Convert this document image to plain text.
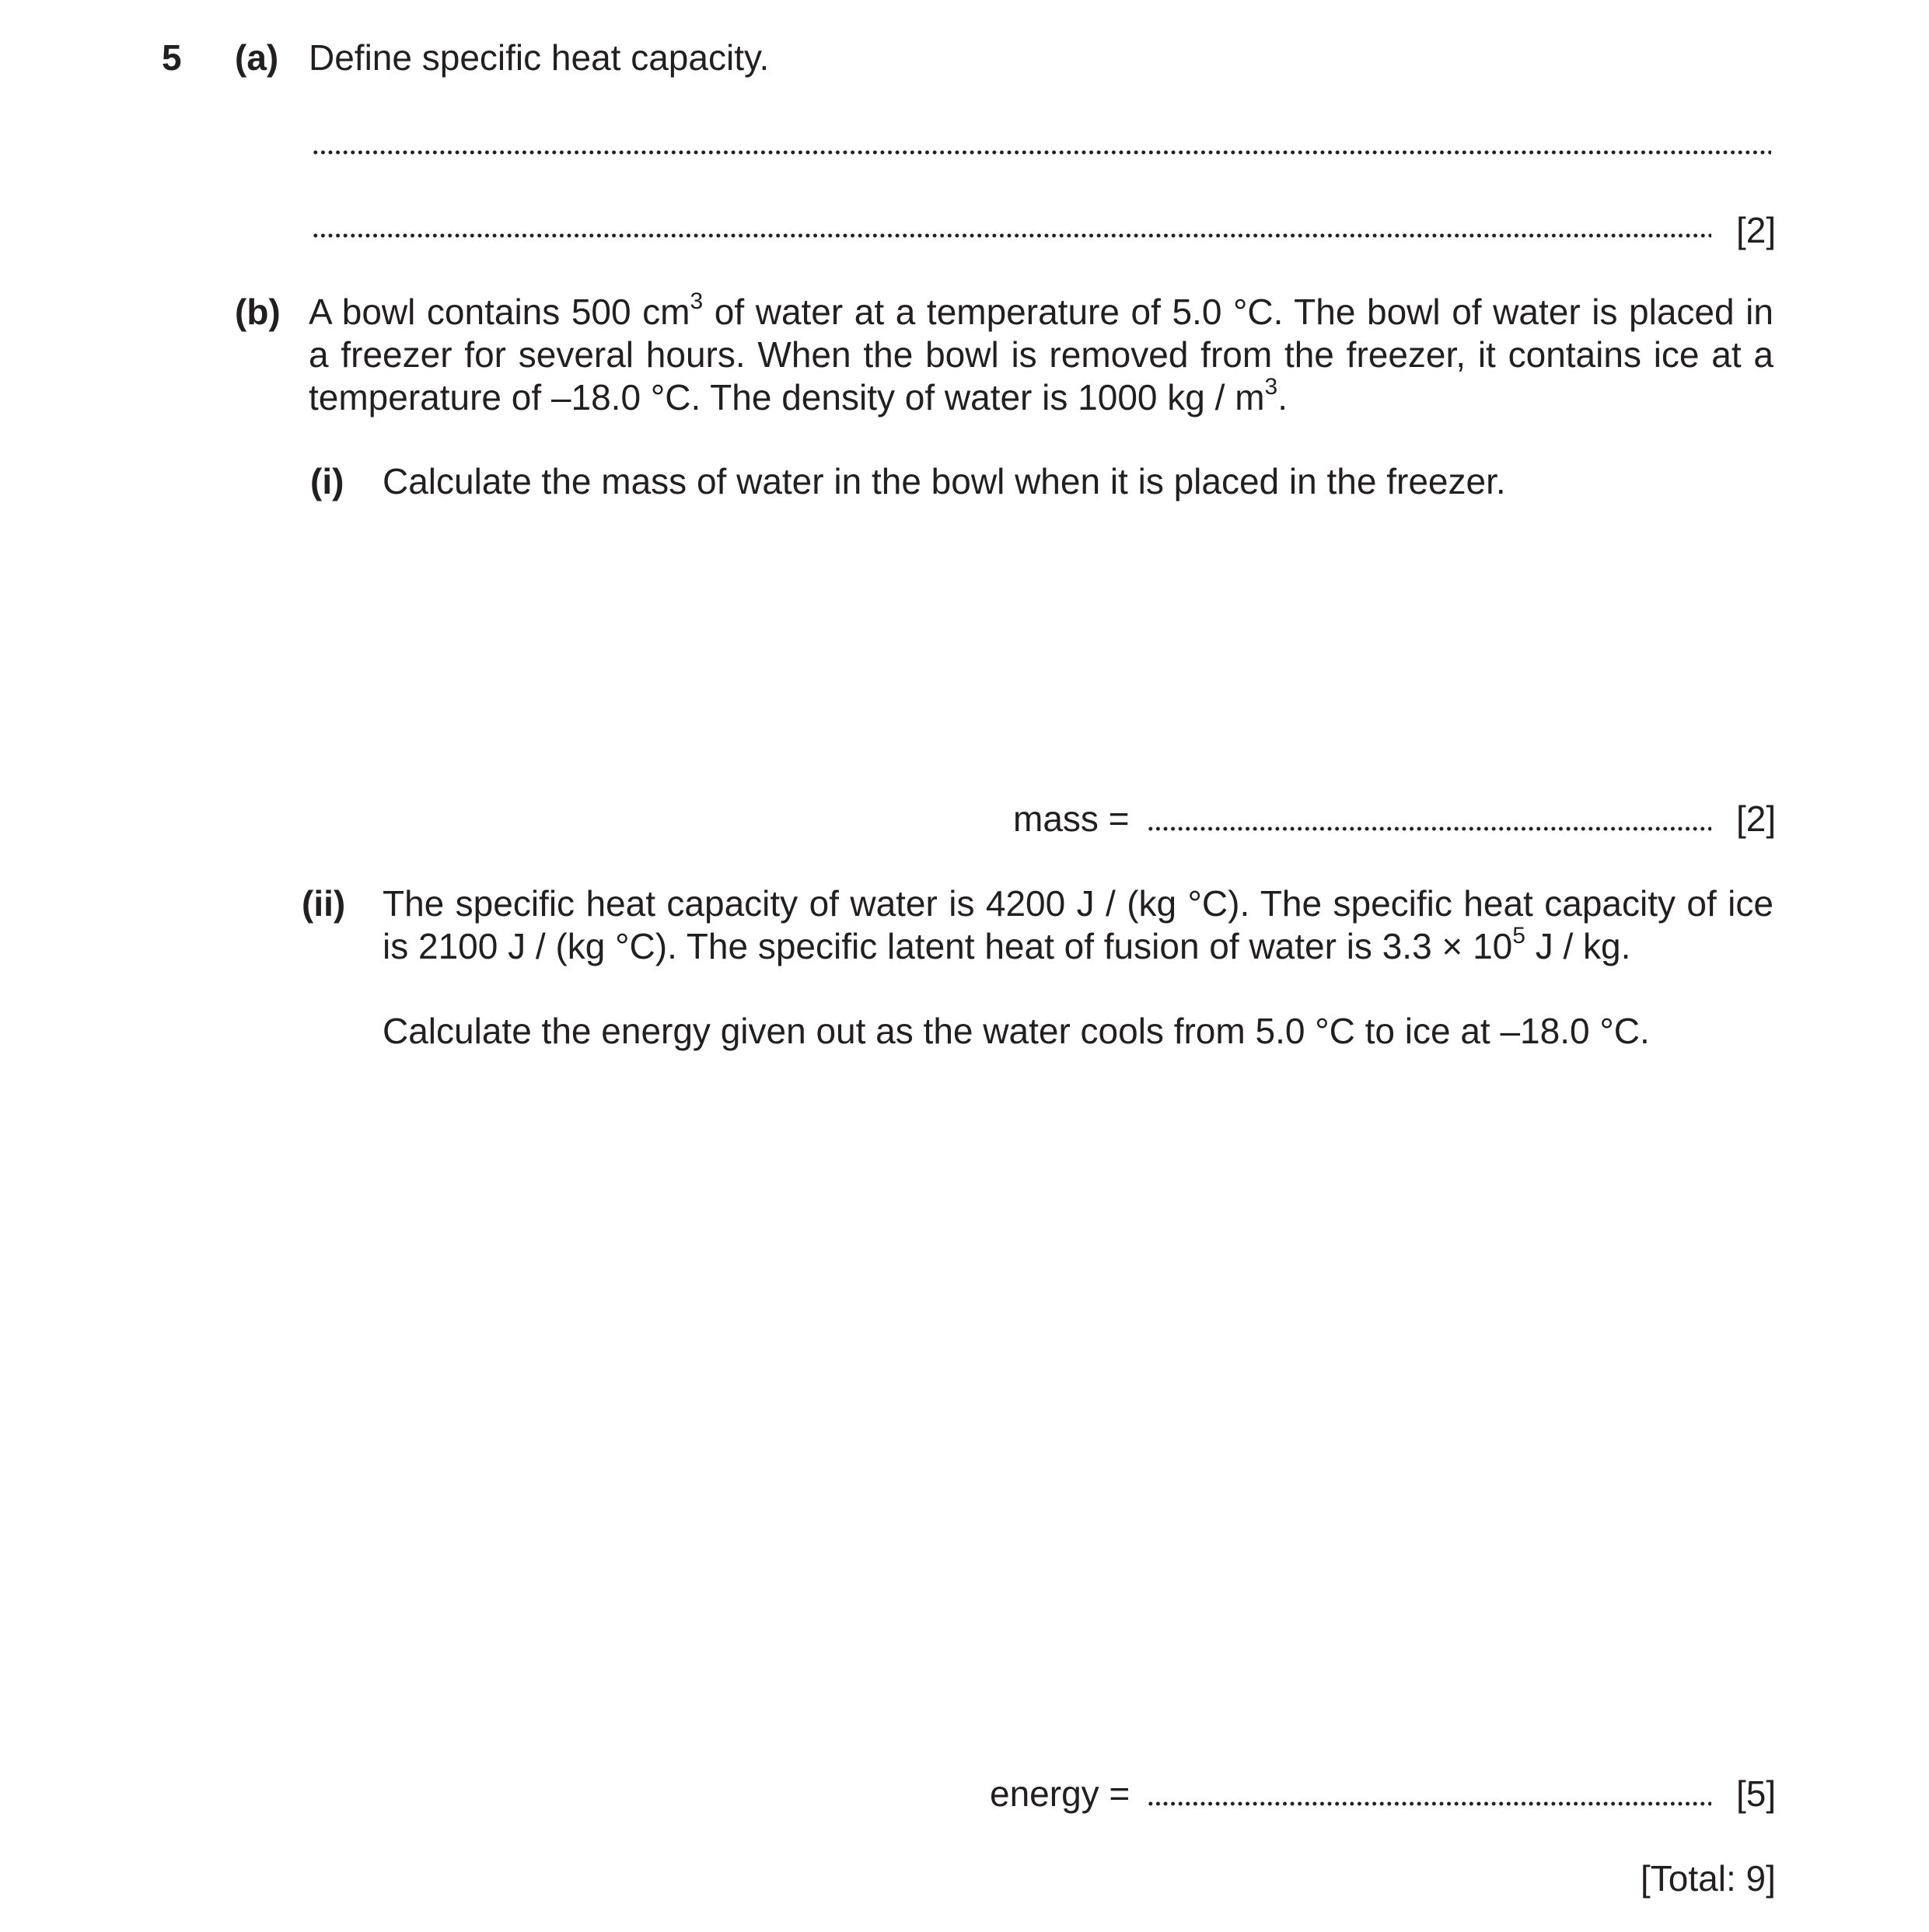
5 (a) Define specific heat capacity.
[2]
(b) A bowl contains 500 $cm^3$ of water at a temperature of 5.0 °C. The bowl of water is placed in a freezer for several hours. When the bowl is removed from the freezer, it contains ice at a temperature of –18.0 °C. The density of water is 1000 kg / $m^3$.
(i) Calculate the mass of water in the bowl when it is placed in the freezer.
mass =	[2]
(ii) The specific heat capacity of water is 4200 J / (kg °C). The specific heat capacity of ice is 2100 J / (kg °C). The specific latent heat of fusion of water is $3.3 \times 10^5$ J / kg.
Calculate the energy given out as the water cools from 5.0 °C to ice at –18.0 °C.
energy =	[5]
[Total: 9]
